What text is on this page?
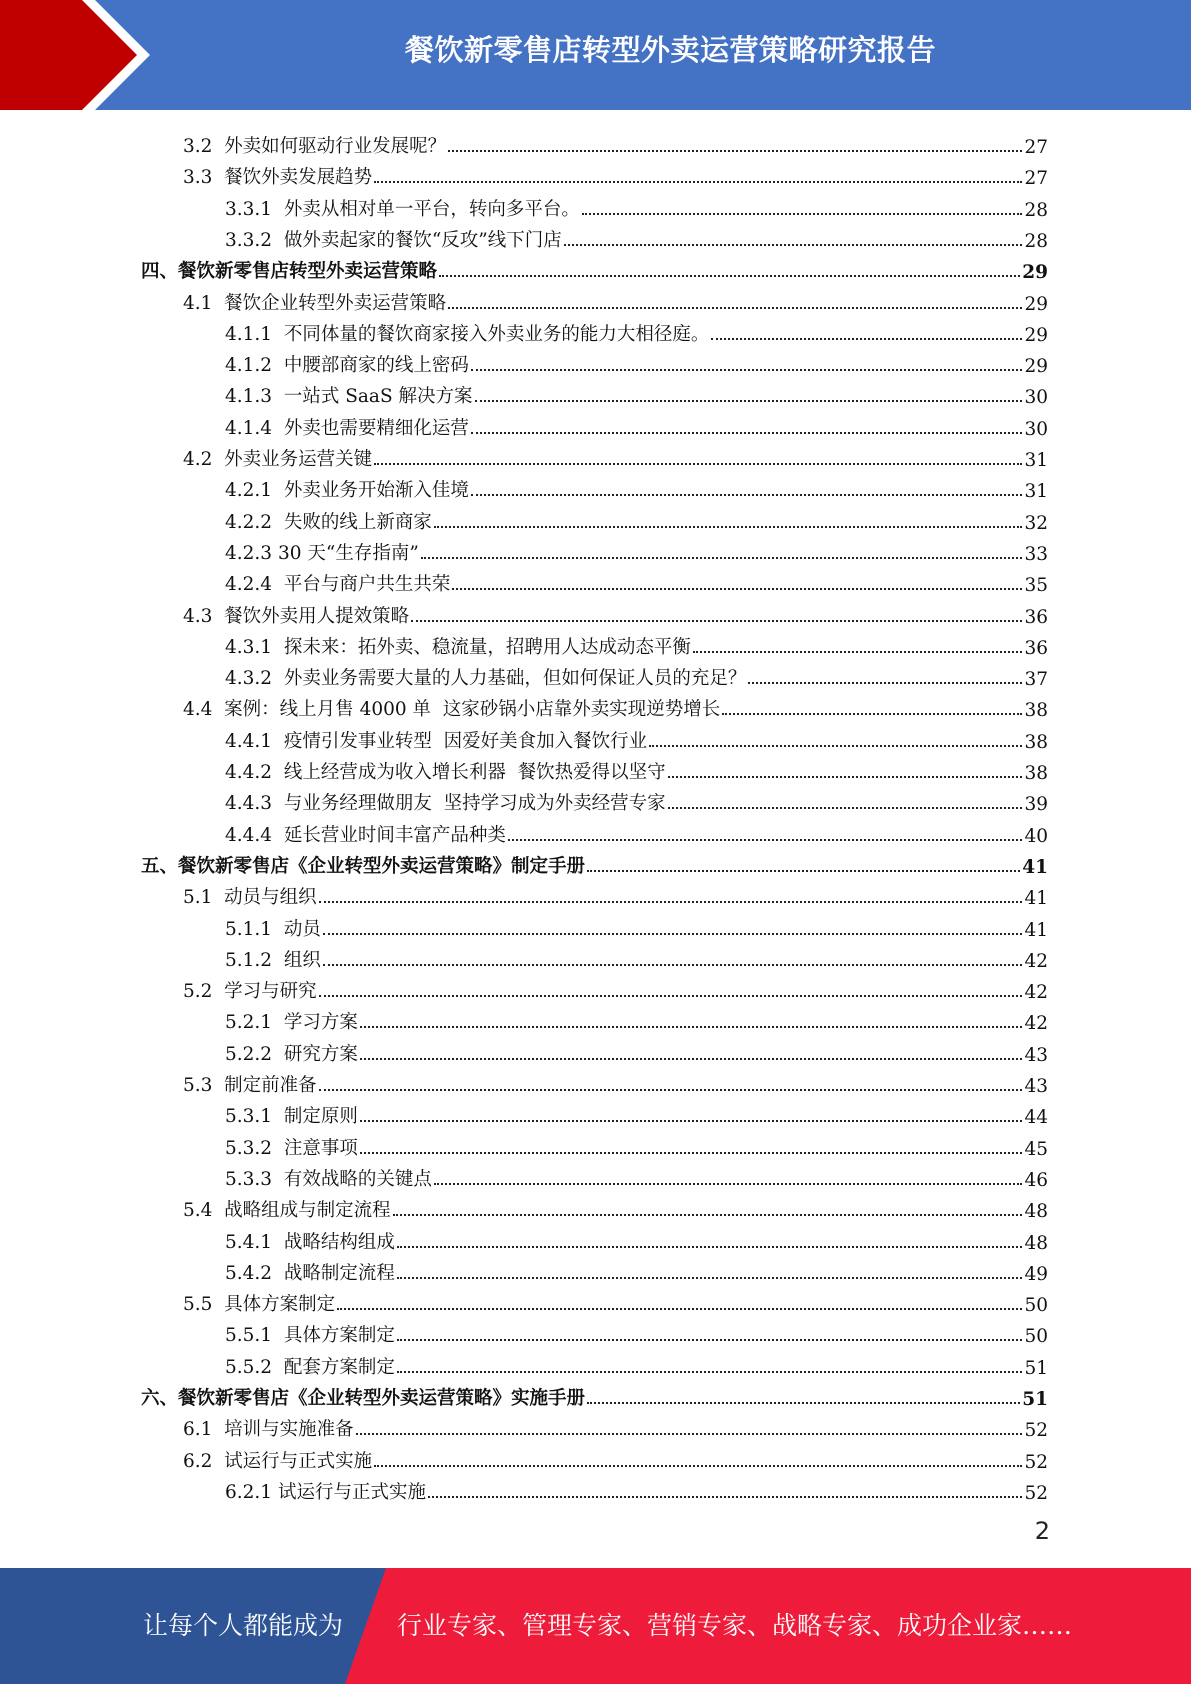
餐饮新零售店转型外卖运营策略研究报告
3.2  外卖如何驱动行业发展呢？	27
3.3  餐饮外卖发展趋势	27
3.3.1  外卖从相对单一平台，转向多平台。	28
3.3.2  做外卖起家的餐饮“反攻”线下门店	28
四、餐饮新零售店转型外卖运营策略	29
4.1  餐饮企业转型外卖运营策略	29
4.1.1  不同体量的餐饮商家接入外卖业务的能力大相径庭。	29
4.1.2  中腰部商家的线上密码	29
4.1.3  一站式 SaaS 解决方案	30
4.1.4  外卖也需要精细化运营	30
4.2  外卖业务运营关键	31
4.2.1  外卖业务开始渐入佳境	31
4.2.2  失败的线上新商家	32
4.2.3 30 天“生存指南”	33
4.2.4  平台与商户共生共荣	35
4.3  餐饮外卖用人提效策略	36
4.3.1  探未来：拓外卖、稳流量，招聘用人达成动态平衡	36
4.3.2  外卖业务需要大量的人力基础，但如何保证人员的充足？	37
4.4  案例：线上月售 4000 单  这家砂锅小店靠外卖实现逆势增长	38
4.4.1  疫情引发事业转型  因爱好美食加入餐饮行业	38
4.4.2  线上经营成为收入增长利器  餐饮热爱得以坚守	38
4.4.3  与业务经理做朋友  坚持学习成为外卖经营专家	39
4.4.4  延长营业时间丰富产品种类	40
五、餐饮新零售店《企业转型外卖运营策略》制定手册	41
5.1  动员与组织	41
5.1.1  动员	41
5.1.2  组织	42
5.2  学习与研究	42
5.2.1  学习方案	42
5.2.2  研究方案	43
5.3  制定前准备	43
5.3.1  制定原则	44
5.3.2  注意事项	45
5.3.3  有效战略的关键点	46
5.4  战略组成与制定流程	48
5.4.1  战略结构组成	48
5.4.2  战略制定流程	49
5.5  具体方案制定	50
5.5.1  具体方案制定	50
5.5.2  配套方案制定	51
六、餐饮新零售店《企业转型外卖运营策略》实施手册	51
6.1  培训与实施准备	52
6.2  试运行与正式实施	52
6.2.1 试运行与正式实施	52
2
让每个人都能成为 行业专家、管理专家、营销专家、战略专家、成功企业家……
